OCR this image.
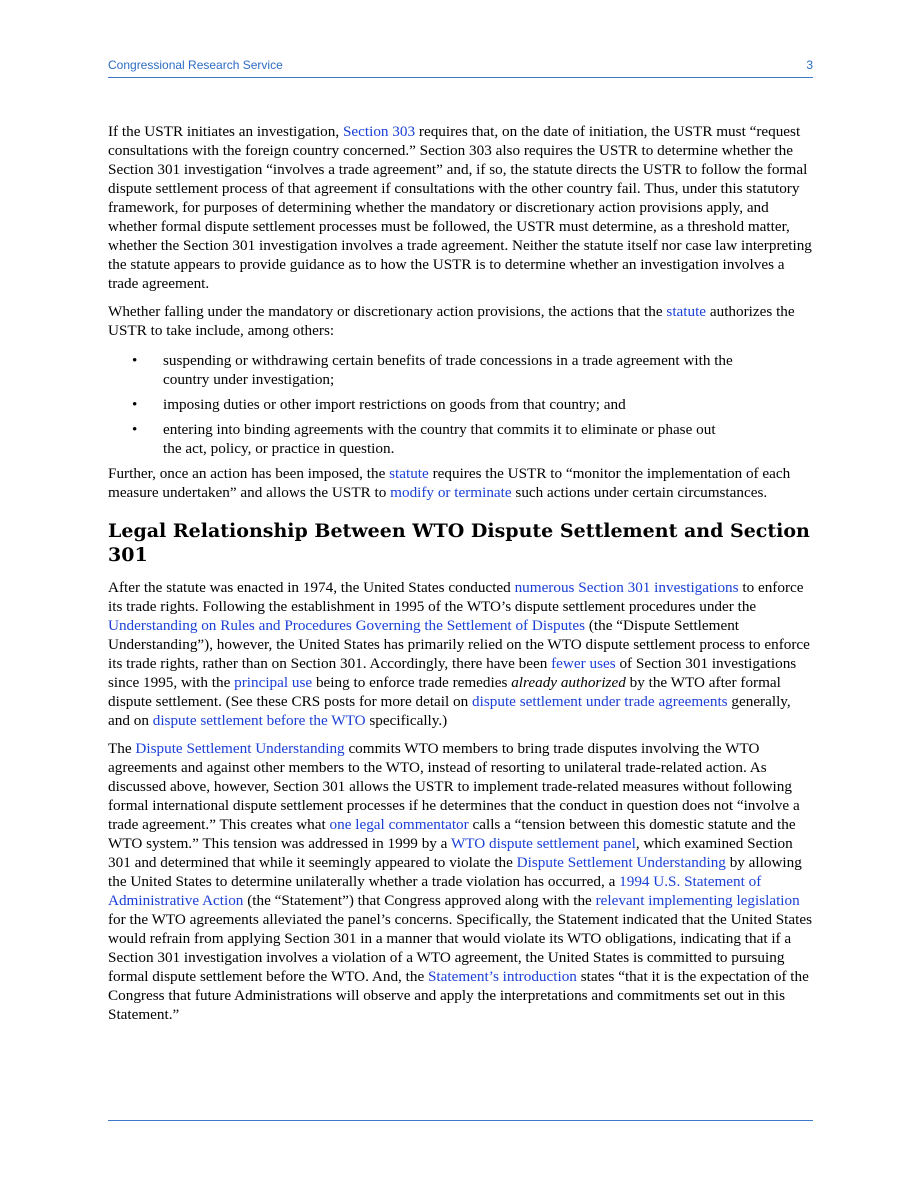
Congressional Research Service	3

If the USTR initiates an investigation, Section 303 requires that, on the date of initiation, the USTR must “request consultations with the foreign country concerned.” Section 303 also requires the USTR to determine whether the Section 301 investigation “involves a trade agreement” and, if so, the statute directs the USTR to follow the formal dispute settlement process of that agreement if consultations with the other country fail. Thus, under this statutory framework, for purposes of determining whether the mandatory or discretionary action provisions apply, and whether formal dispute settlement processes must be followed, the USTR must determine, as a threshold matter, whether the Section 301 investigation involves a trade agreement. Neither the statute itself nor case law interpreting the statute appears to provide guidance as to how the USTR is to determine whether an investigation involves a trade agreement.

Whether falling under the mandatory or discretionary action provisions, the actions that the statute authorizes the USTR to take include, among others:

• suspending or withdrawing certain benefits of trade concessions in a trade agreement with the country under investigation;
• imposing duties or other import restrictions on goods from that country; and
• entering into binding agreements with the country that commits it to eliminate or phase out the act, policy, or practice in question.

Further, once an action has been imposed, the statute requires the USTR to “monitor the implementation of each measure undertaken” and allows the USTR to modify or terminate such actions under certain circumstances.

Legal Relationship Between WTO Dispute Settlement and Section 301

After the statute was enacted in 1974, the United States conducted numerous Section 301 investigations to enforce its trade rights. Following the establishment in 1995 of the WTO’s dispute settlement procedures under the Understanding on Rules and Procedures Governing the Settlement of Disputes (the “Dispute Settlement Understanding”), however, the United States has primarily relied on the WTO dispute settlement process to enforce its trade rights, rather than on Section 301. Accordingly, there have been fewer uses of Section 301 investigations since 1995, with the principal use being to enforce trade remedies already authorized by the WTO after formal dispute settlement. (See these CRS posts for more detail on dispute settlement under trade agreements generally, and on dispute settlement before the WTO specifically.)

The Dispute Settlement Understanding commits WTO members to bring trade disputes involving the WTO agreements and against other members to the WTO, instead of resorting to unilateral trade-related action. As discussed above, however, Section 301 allows the USTR to implement trade-related measures without following formal international dispute settlement processes if he determines that the conduct in question does not “involve a trade agreement.” This creates what one legal commentator calls a “tension between this domestic statute and the WTO system.” This tension was addressed in 1999 by a WTO dispute settlement panel, which examined Section 301 and determined that while it seemingly appeared to violate the Dispute Settlement Understanding by allowing the United States to determine unilaterally whether a trade violation has occurred, a 1994 U.S. Statement of Administrative Action (the “Statement”) that Congress approved along with the relevant implementing legislation for the WTO agreements alleviated the panel’s concerns. Specifically, the Statement indicated that the United States would refrain from applying Section 301 in a manner that would violate its WTO obligations, indicating that if a Section 301 investigation involves a violation of a WTO agreement, the United States is committed to pursuing formal dispute settlement before the WTO. And, the Statement’s introduction states “that it is the expectation of the Congress that future Administrations will observe and apply the interpretations and commitments set out in this Statement.”
